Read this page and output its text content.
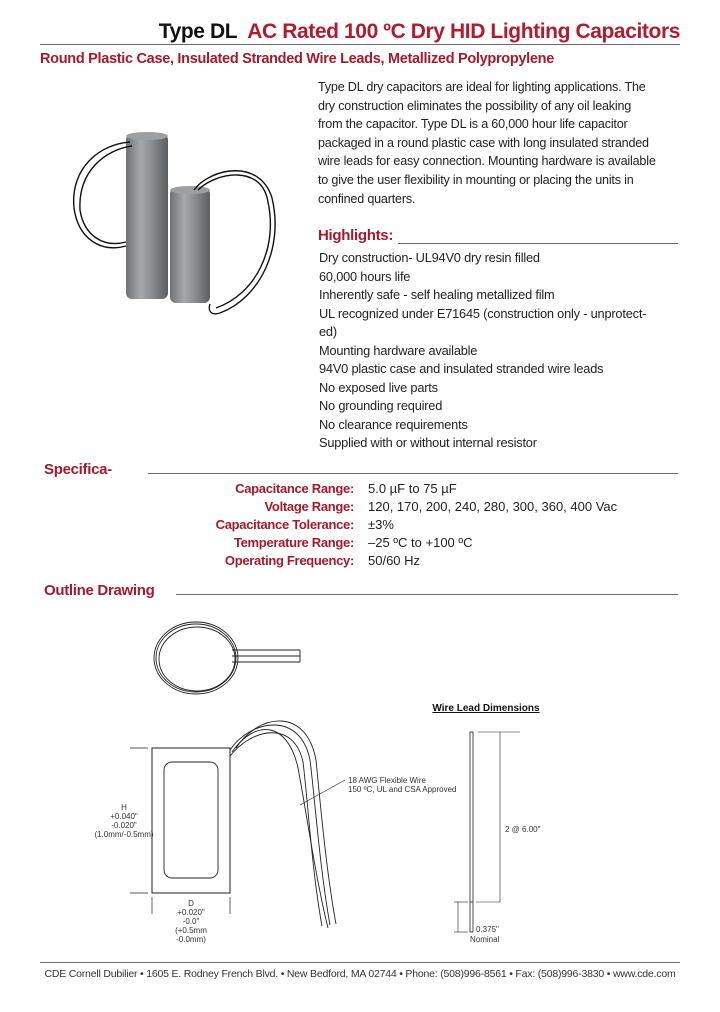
Type DL AC Rated 100 ºC Dry HID Lighting Capacitors
Round Plastic Case, Insulated Stranded Wire Leads, Metallized Polypropylene
Type DL dry capacitors are ideal for lighting applications. The
dry construction eliminates the possibility of any oil leaking
from the capacitor. Type DL is a 60,000 hour life capacitor
packaged in a round plastic case with long insulated stranded
wire leads for easy connection. Mounting hardware is available
to give the user flexibility in mounting or placing the units in
confined quarters.
Highlights:
Dry construction- UL94V0 dry resin filled
60,000 hours life
Inherently safe - self healing metallized film
UL recognized under E71645 (construction only - unprotect-
ed)
Mounting hardware available
94V0 plastic case and insulated stranded wire leads
No exposed live parts
No grounding required
No clearance requirements
Supplied with or without internal resistor
Specifica-
Capacitance Range: 5.0 µF to 75 µF
Voltage Range: 120, 170, 200, 240, 280, 300, 360, 400 Vac
Capacitance Tolerance: ±3%
Temperature Range: –25 ºC to +100 ºC
Operating Frequency: 50/60 Hz
Outline Drawing
H
+0.040"
-0.020"
(1.0mm/-0.5mm)
D
+0.020"
-0.0"
(+0.5mm
-0.0mm)
18 AWG Flexible Wire
150 ºC, UL and CSA Approved
Wire Lead Dimensions
2 @ 6.00"
0.375"
Nominal
CDE Cornell Dubilier • 1605 E. Rodney French Blvd. • New Bedford, MA 02744 • Phone: (508)996-8561 • Fax: (508)996-3830 • www.cde.com
